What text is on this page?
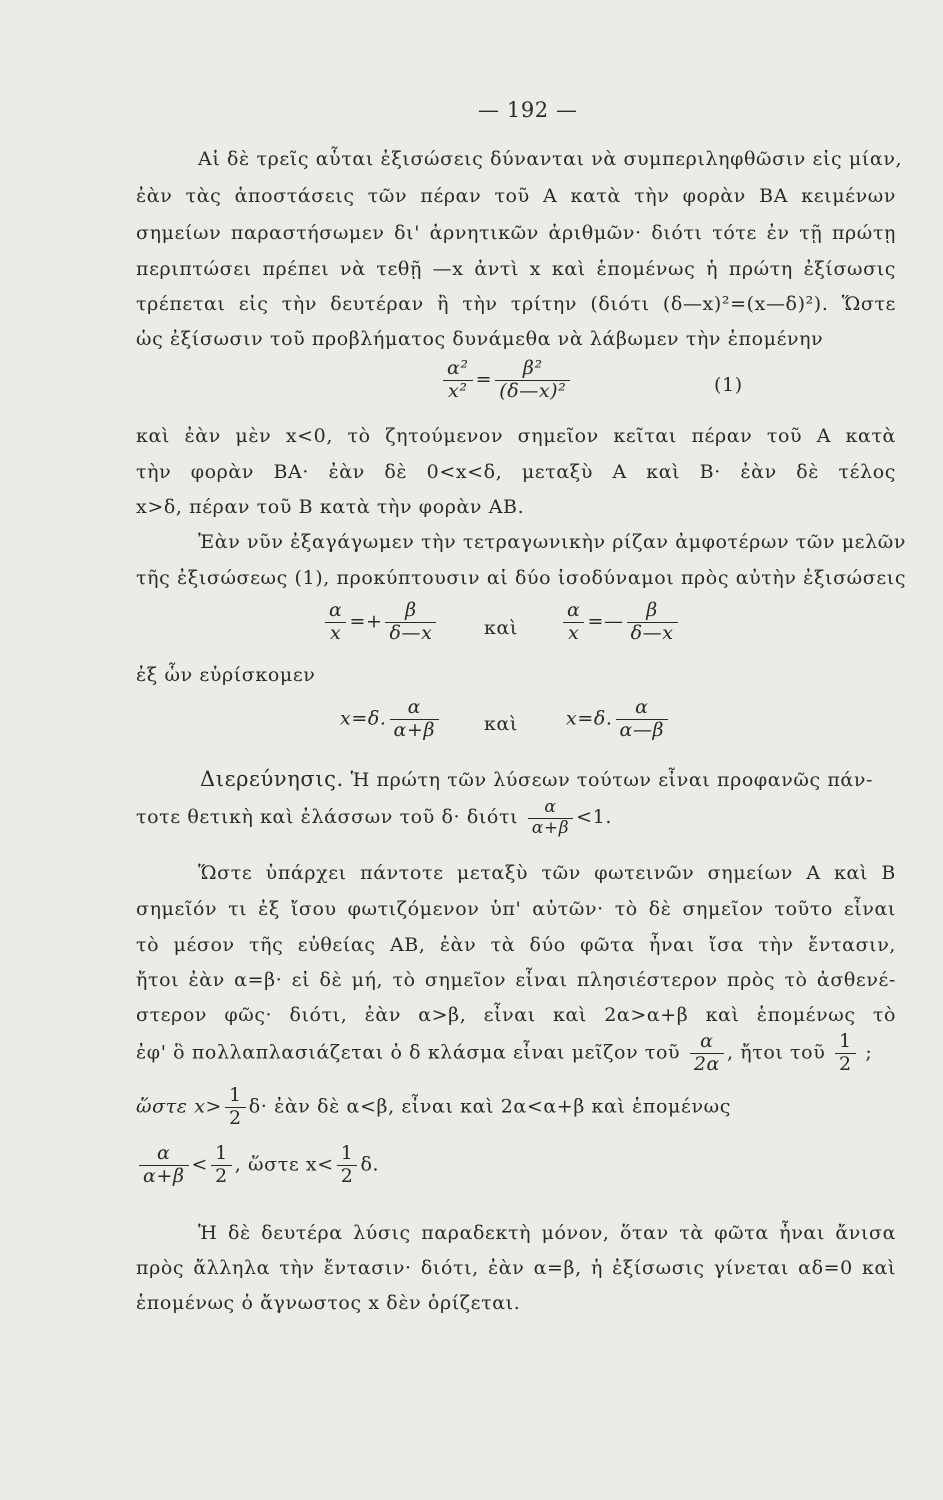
— 192 —
Αἱ δὲ τρεῖς αὗται ἐξισώσεις δύνανται νὰ συμπεριληφθῶσιν εἰς μίαν,
ἐὰν τὰς ἀποστάσεις τῶν πέραν τοῦ Α κατὰ τὴν φορὰν ΒΑ κειμένων
σημείων παραστήσωμεν δι' ἀρνητικῶν ἀριθμῶν· διότι τότε ἐν τῇ πρώτῃ
περιπτώσει πρέπει νὰ τεθῇ —x ἀντὶ x καὶ ἑπομένως ἡ πρώτη ἐξίσωσις
τρέπεται εἰς τὴν δευτέραν ἢ τὴν τρίτην (διότι (δ—x)²=(x—δ)²). Ὥστε
ὡς ἐξίσωσιν τοῦ προβλήματος δυνάμεθα νὰ λάβωμεν τὴν ἑπομένην
$\frac{\text{α²}}{\text{x²}} = \frac{\text{β²}}{\text{(δ—x)²}}$	(1)
καὶ ἐὰν μὲν x<0, τὸ ζητούμενον σημεῖον κεῖται πέραν τοῦ Α κατὰ
τὴν φορὰν ΒΑ· ἐὰν δὲ 0<x<δ, μεταξὺ Α καὶ Β· ἐὰν δὲ τέλος
x>δ, πέραν τοῦ Β κατὰ τὴν φορὰν ΑΒ.
Ἐὰν νῦν ἐξαγάγωμεν τὴν τετραγωνικὴν ρίζαν ἀμφοτέρων τῶν μελῶν
τῆς ἐξισώσεως (1), προκύπτουσιν αἱ δύο ἰσοδύναμοι πρὸς αὐτὴν ἐξισώσεις
$\frac{\alpha}{x} =+ \frac{\beta}{\delta—x}$	καὶ $\frac{\alpha}{x}$ =— $\frac{\beta}{\delta—x}$
ἐξ ὧν εὑρίσκομεν
x=δ. $\frac{\alpha}{\alpha+\beta}$ καὶ	x=δ. $\frac{\alpha}{\alpha—\beta}$
Διερεύνησις. Ἡ πρώτη τῶν λύσεων τούτων εἶναι προφανῶς πάν-
τοτε θετικὴ καὶ ἐλάσσων τοῦ δ· διότι $\frac{\alpha}{\alpha+\beta} <1$.
Ὥστε ὑπάρχει πάντοτε μεταξὺ τῶν φωτεινῶν σημείων Α καὶ Β
σημεῖόν τι ἐξ ἴσου φωτιζόμενον ὑπ' αὐτῶν· τὸ δὲ σημεῖον τοῦτο εἶναι
τὸ μέσον τῆς εὐθείας ΑΒ, ἐὰν τὰ δύο φῶτα ἦναι ἴσα τὴν ἔντασιν,
ἤτοι ἐὰν α=β· εἰ δὲ μή, τὸ σημεῖον εἶναι πλησιέστερον πρὸς τὸ ἀσθενέ-
στερον φῶς· διότι, ἐὰν α>β, εἶναι καὶ 2α>α+β καὶ ἑπομένως τὸ
ἐφ' ὃ πολλαπλασιάζεται ὁ δ κλάσμα εἶναι μεῖζον τοῦ $\frac{\alpha}{2\alpha}$ , ἤτοι τοῦ $\frac{1}{2}$ ;
ὥστε $x> \frac{1}{2} \delta\cdot$ ἐὰν δὲ α<β, εἶναι καὶ 2α<α+β καὶ ἑπομένως
$\frac{\alpha}{\alpha+\beta} < \frac{1}{2}$ , ὥστε $x< \frac{1}{2} \delta$.
Ἡ δὲ δευτέρα λύσις παραδεκτὴ μόνον, ὅταν τὰ φῶτα ἦναι ἄνισα
πρὸς ἄλληλα τὴν ἔντασιν· διότι, ἐὰν α=β, ἡ ἐξίσωσις γίνεται αδ=0 καὶ
ἑπομένως ὁ ἄγνωστος x δὲν ὁρίζεται.
